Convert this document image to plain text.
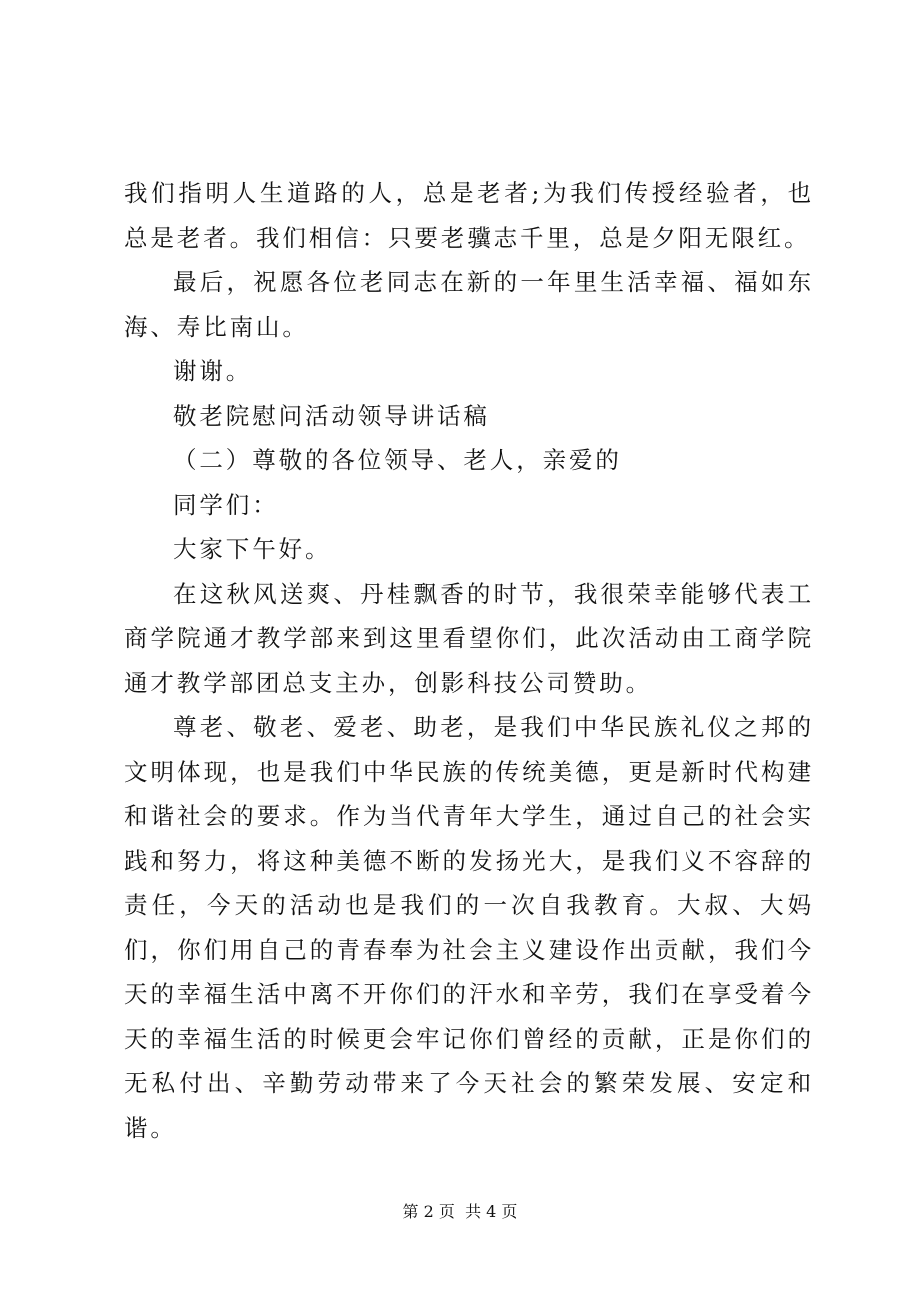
我们指明人生道路的人，总是老者;为我们传授经验者，也总是老者。我们相信：只要老骥志千里，总是夕阳无限红。

最后，祝愿各位老同志在新的一年里生活幸福、福如东海、寿比南山。

谢谢。

敬老院慰问活动领导讲话稿

（二）尊敬的各位领导、老人，亲爱的

同学们：

大家下午好。

在这秋风送爽、丹桂飘香的时节，我很荣幸能够代表工商学院通才教学部来到这里看望你们，此次活动由工商学院通才教学部团总支主办，创影科技公司赞助。

尊老、敬老、爱老、助老，是我们中华民族礼仪之邦的文明体现，也是我们中华民族的传统美德，更是新时代构建和谐社会的要求。作为当代青年大学生，通过自己的社会实践和努力，将这种美德不断的发扬光大，是我们义不容辞的责任，今天的活动也是我们的一次自我教育。大叔、大妈们，你们用自己的青春奉为社会主义建设作出贡献，我们今天的幸福生活中离不开你们的汗水和辛劳，我们在享受着今天的幸福生活的时候更会牢记你们曾经的贡献，正是你们的无私付出、辛勤劳动带来了今天社会的繁荣发展、安定和谐。

第 2 页  共 4 页
